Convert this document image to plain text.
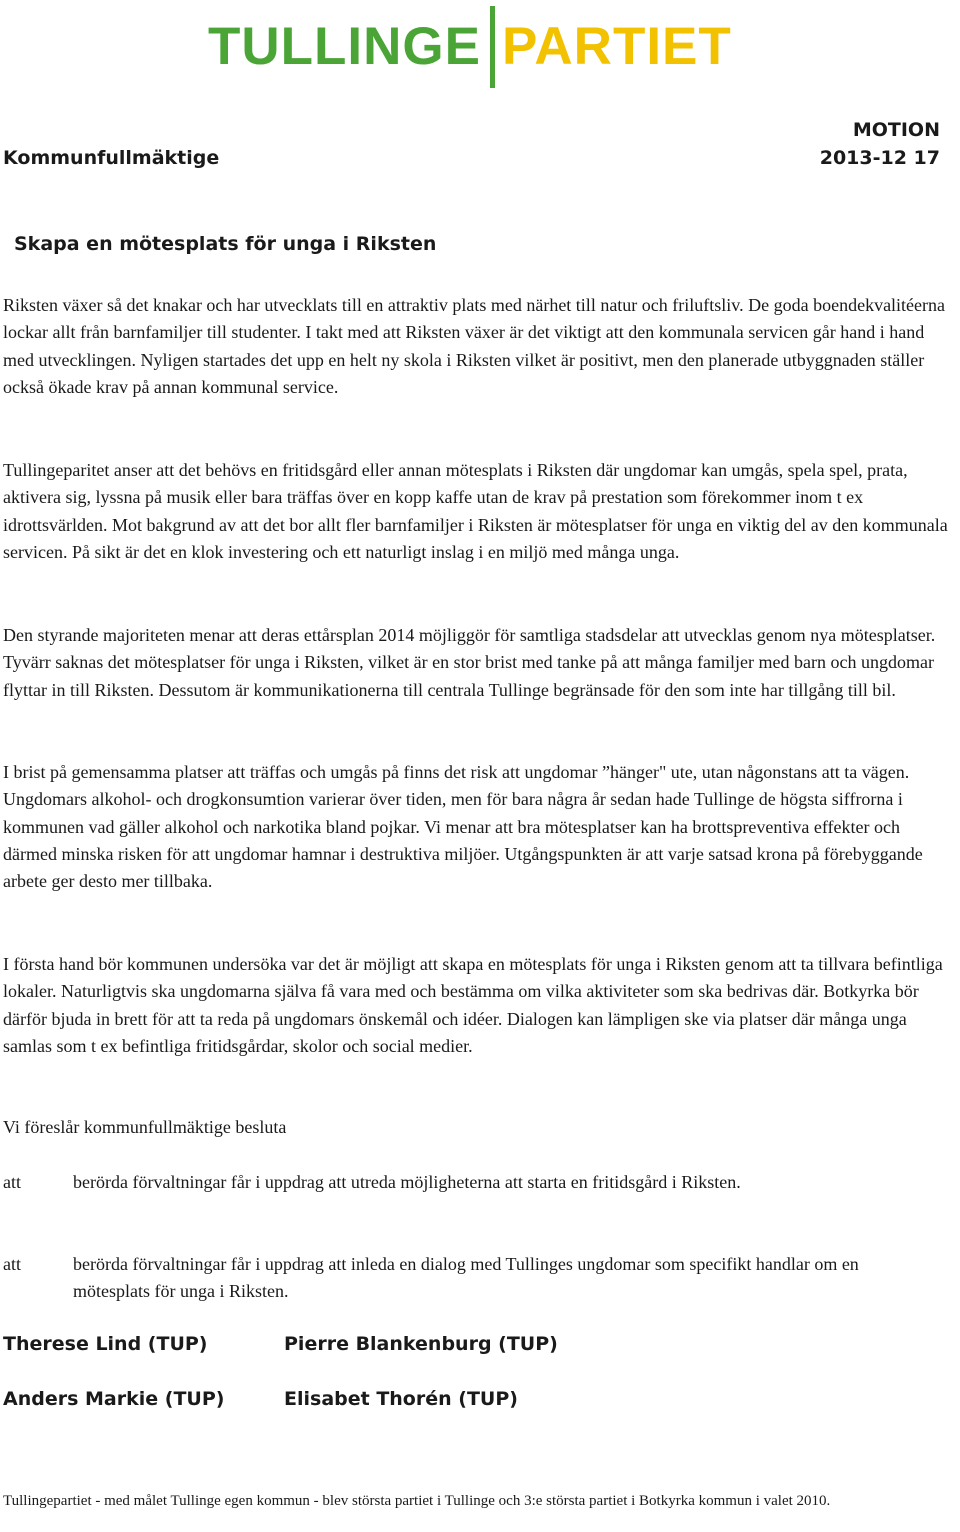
TULLINGE PARTIET
MOTION
2013-12 17
Kommunfullmäktige
Skapa en mötesplats för unga i Riksten

Riksten växer så det knakar och har utvecklats till en attraktiv plats med närhet till natur och friluftsliv. De goda boendekvalitéerna lockar allt från barnfamiljer till studenter. I takt med att Riksten växer är det viktigt att den kommunala servicen går hand i hand med utvecklingen. Nyligen startades det upp en helt ny skola i Riksten vilket är positivt, men den planerade utbyggnaden ställer också ökade krav på annan kommunal service.

Tullingeparitet anser att det behövs en fritidsgård eller annan mötesplats i Riksten där ungdomar kan umgås, spela spel, prata, aktivera sig, lyssna på musik eller bara träffas över en kopp kaffe utan de krav på prestation som förekommer inom t ex idrottsvärlden. Mot bakgrund av att det bor allt fler barnfamiljer i Riksten är mötesplatser för unga en viktig del av den kommunala servicen. På sikt är det en klok investering och ett naturligt inslag i en miljö med många unga.

Den styrande majoriteten menar att deras ettårsplan 2014 möjliggör för samtliga stadsdelar att utvecklas genom nya mötesplatser. Tyvärr saknas det mötesplatser för unga i Riksten, vilket är en stor brist med tanke på att många familjer med barn och ungdomar flyttar in till Riksten. Dessutom är kommunikationerna till centrala Tullinge begränsade för den som inte har tillgång till bil.

I brist på gemensamma platser att träffas och umgås på finns det risk att ungdomar ”hänger" ute, utan någonstans att ta vägen. Ungdomars alkohol- och drogkonsumtion varierar över tiden, men för bara några år sedan hade Tullinge de högsta siffrorna i kommunen vad gäller alkohol och narkotika bland pojkar. Vi menar att bra mötesplatser kan ha brottspreventiva effekter och därmed minska risken för att ungdomar hamnar i destruktiva miljöer. Utgångspunkten är att varje satsad krona på förebyggande arbete ger desto mer tillbaka.

I första hand bör kommunen undersöka var det är möjligt att skapa en mötesplats för unga i Riksten genom att ta tillvara befintliga lokaler. Naturligtvis ska ungdomarna själva få vara med och bestämma om vilka aktiviteter som ska bedrivas där. Botkyrka bör därför bjuda in brett för att ta reda på ungdomars önskemål och idéer. Dialogen kan lämpligen ske via platser där många unga samlas som t ex befintliga fritidsgårdar, skolor och social medier.

Vi föreslår kommunfullmäktige besluta
att	berörda förvaltningar får i uppdrag att utreda möjligheterna att starta en fritidsgård i Riksten.
att	berörda förvaltningar får i uppdrag att inleda en dialog med Tullinges ungdomar som specifikt handlar om en mötesplats för unga i Riksten.
Therese Lind (TUP)	Pierre Blankenburg (TUP)
Anders Markie (TUP)	Elisabet Thorén (TUP)
Tullingepartiet - med målet Tullinge egen kommun - blev största partiet i Tullinge och 3:e största partiet i Botkyrka kommun i valet 2010.
